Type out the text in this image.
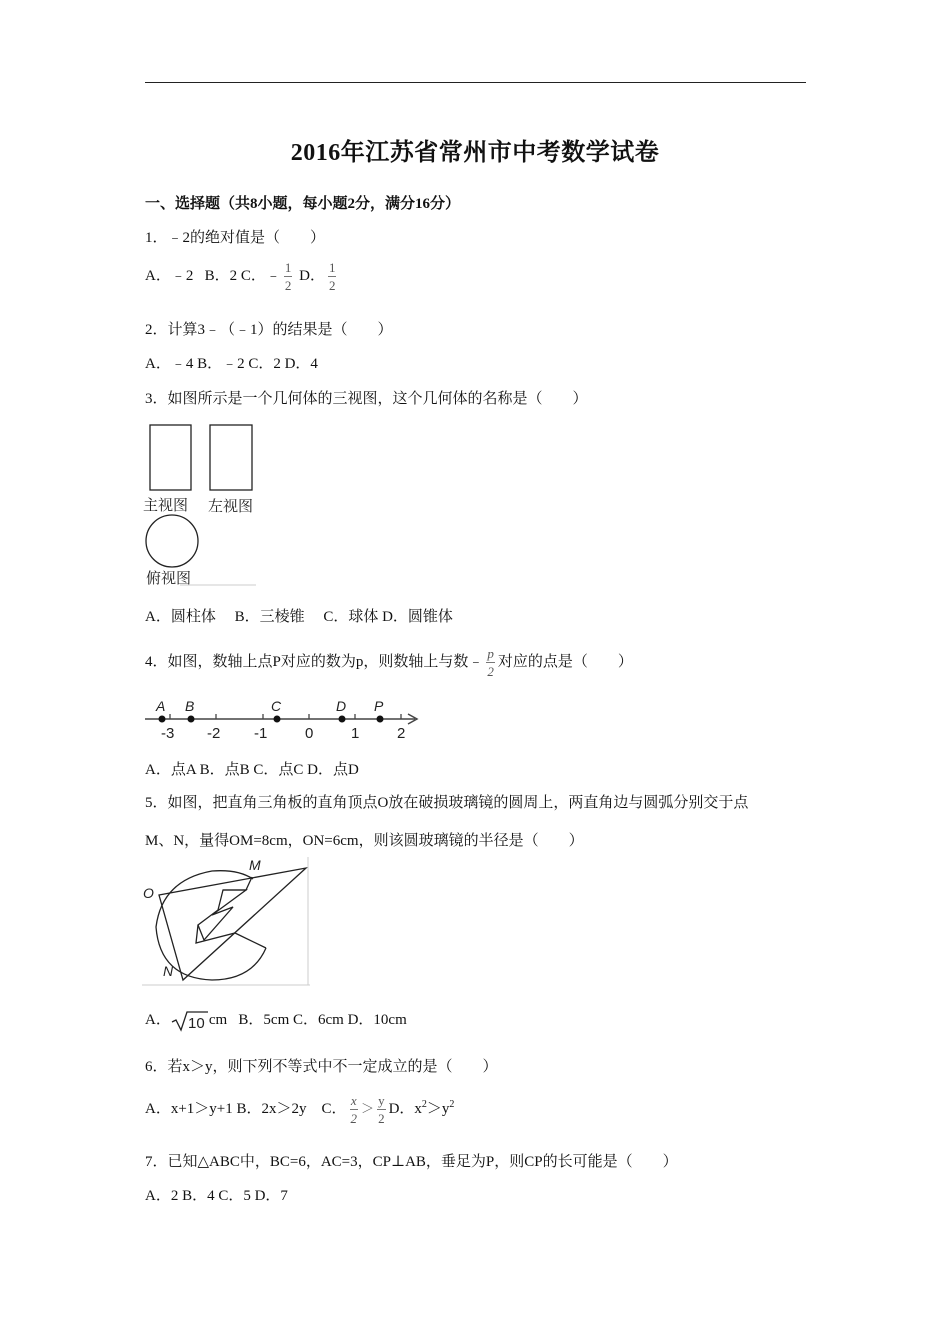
2016年江苏省常州市中考数学试卷
一、选择题（共8小题，每小题2分，满分16分）
1．﹣2的绝对值是（　　）
A．﹣2 B．2 C．﹣ $\frac{1}{2}$ D． $\frac{1}{2}$
2．计算3﹣（﹣1）的结果是（　　）
A．﹣4 B．﹣2 C．2 D．4
3．如图所示是一个几何体的三视图，这个几何体的名称是（　　）
主视图 左视图
俯视图
A．圆柱体　 B．三棱锥　 C．球体 D．圆锥体
4．如图，数轴上点P对应的数为p，则数轴上与数﹣ $\frac{p}{2}$ 对应的点是（　　）
-3 -2 -1	0	1	2
A B	C	D P
A．点A B．点B C．点C D．点D
5．如图，把直角三角板的直角顶点O放在破损玻璃镜的圆周上，两直角边与圆弧分别交于点
M、N，量得OM=8cm，ON=6cm，则该圆玻璃镜的半径是（　　）
O
M
N
A． 10 cm B．5cm C．6cm D．10cm
6．若x＞y，则下列不等式中不一定成立的是（　　）
A．x+1＞y+1 B．2x＞2y C． $\frac{x}{2} > \frac{y}{2}$ D．$x^2>y^2$
7．已知△ABC中，BC=6，AC=3，CP⊥AB，垂足为P，则CP的长可能是（　　）
A．2 B．4 C．5 D．7
